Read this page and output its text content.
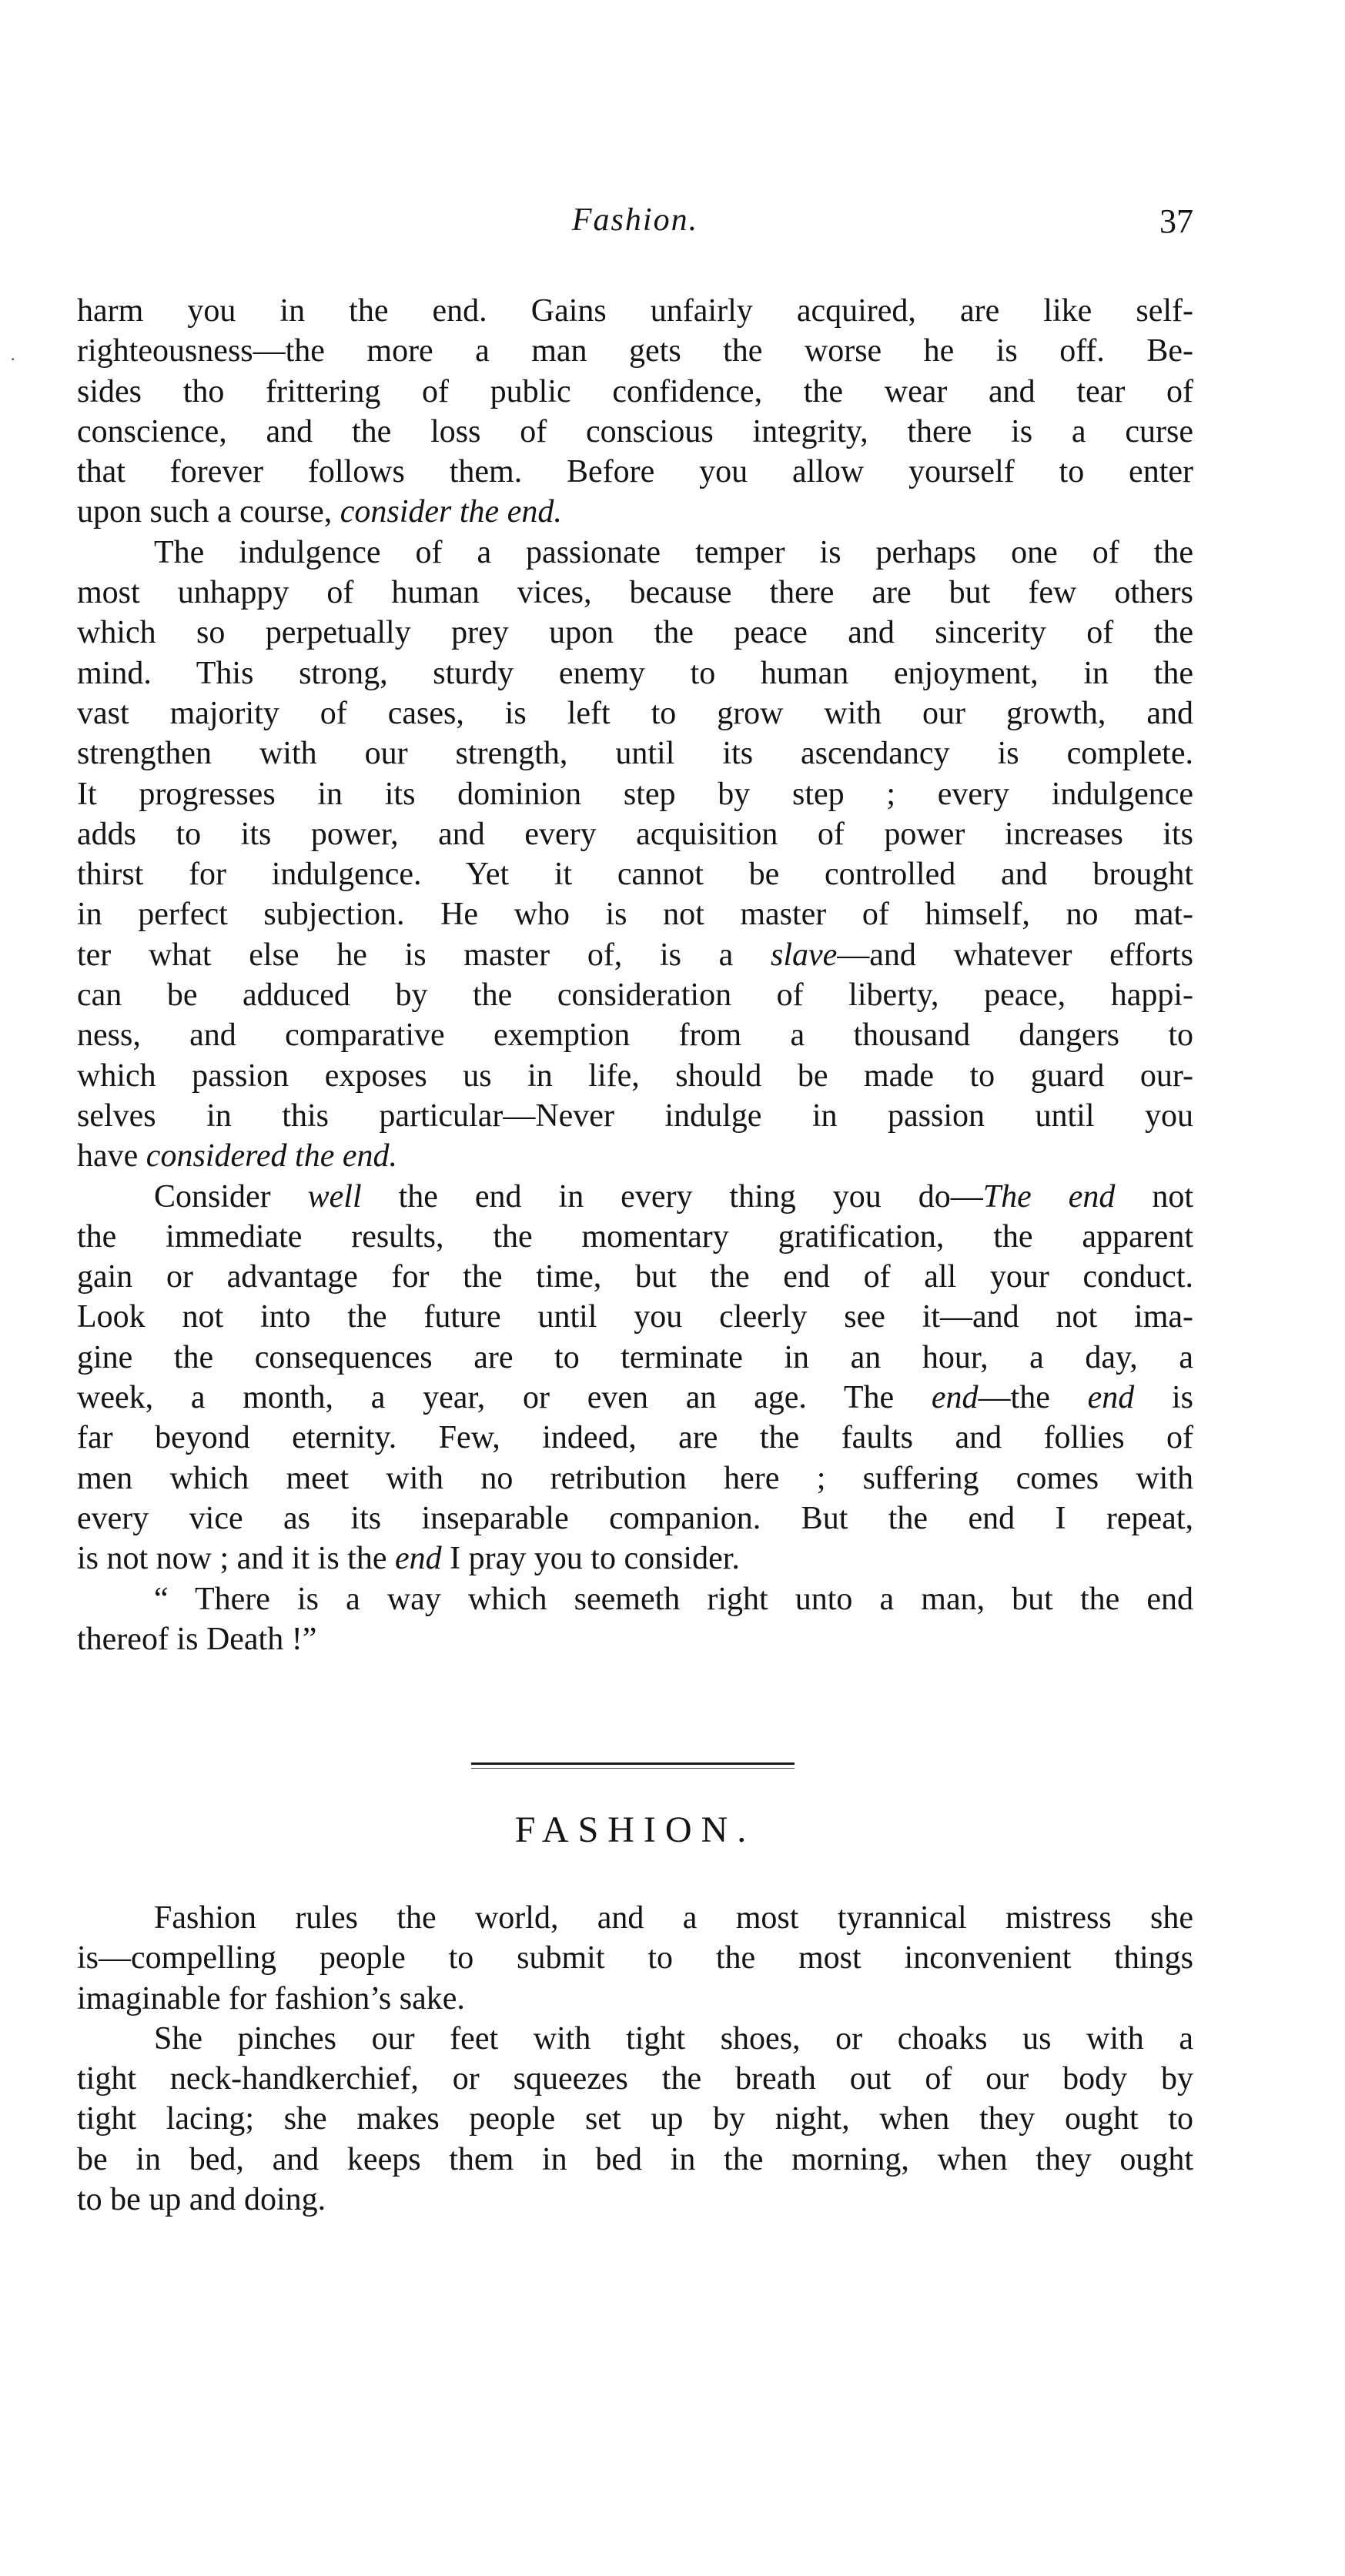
Fashion.	37
.

harm you in the end. Gains unfairly acquired, are like self-
righteousness—the more a man gets the worse he is off. Be-
sides tho frittering of public confidence, the wear and tear of
conscience, and the loss of conscious integrity, there is a curse
that forever follows them. Before you allow yourself to enter
upon such a course, consider the end.

The indulgence of a passionate temper is perhaps one of the
most unhappy of human vices, because there are but few others
which so perpetually prey upon the peace and sincerity of the
mind. This strong, sturdy enemy to human enjoyment, in the
vast majority of cases, is left to grow with our growth, and
strengthen with our strength, until its ascendancy is complete.
It progresses in its dominion step by step ; every indulgence
adds to its power, and every acquisition of power increases its
thirst for indulgence. Yet it cannot be controlled and brought
in perfect subjection. He who is not master of himself, no mat-
ter what else he is master of, is a slave—and whatever efforts
can be adduced by the consideration of liberty, peace, happi-
ness, and comparative exemption from a thousand dangers to
which passion exposes us in life, should be made to guard our-
selves in this particular—Never indulge in passion until you
have considered the end.

Consider well the end in every thing you do—The end not
the immediate results, the momentary gratification, the apparent
gain or advantage for the time, but the end of all your conduct.
Look not into the future until you cleerly see it—and not ima-
gine the consequences are to terminate in an hour, a day, a
week, a month, a year, or even an age. The end—the end is
far beyond eternity. Few, indeed, are the faults and follies of
men which meet with no retribution here ; suffering comes with
every vice as its inseparable companion. But the end I repeat,
is not now ; and it is the end I pray you to consider.

“ There is a way which seemeth right unto a man, but the end
thereof is Death !”

FASHION.

Fashion rules the world, and a most tyrannical mistress she
is—compelling people to submit to the most inconvenient things
imaginable for fashion’s sake.

She pinches our feet with tight shoes, or choaks us with a
tight neck-handkerchief, or squeezes the breath out of our body by
tight lacing; she makes people set up by night, when they ought to
be in bed, and keeps them in bed in the morning, when they ought
to be up and doing.
